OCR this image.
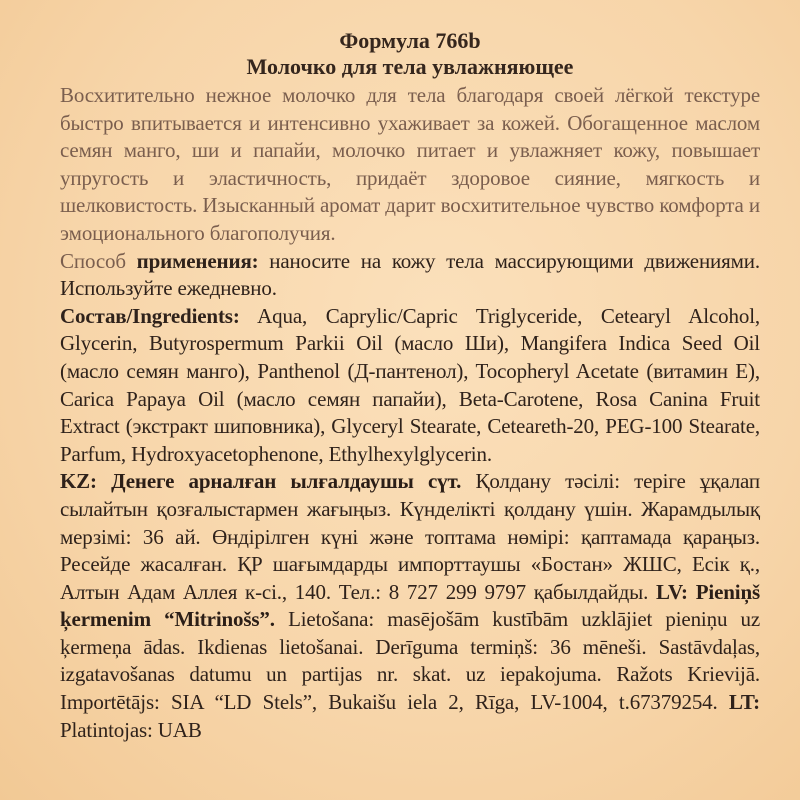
Формула 766b

Молочко для тела увлажняющее

Восхитительно нежное молочко для тела благодаря своей лёгкой текстуре быстро впитывается и интенсивно ухаживает за кожей. Обогащенное маслом семян манго, ши и папайи, молочко питает и увлажняет кожу, повышает упругость и эластичность, придаёт здоровое сияние, мягкость и шелковистость. Изысканный аромат дарит восхитительное чувство комфорта и эмоционального благополучия.

Способ применения: наносите на кожу тела массирующими движениями. Используйте ежедневно.

Состав/Ingredients: Aqua, Caprylic/Capric Triglyceride, Cetearyl Alcohol, Glycerin, Butyrospermum Parkii Oil (масло Ши), Mangifera Indica Seed Oil (масло семян манго), Panthenol (Д-пантенол), Tocopheryl Acetate (витамин Е), Carica Papaya Oil (масло семян папайи), Beta-Carotene, Rosa Canina Fruit Extract (экстракт шиповника), Glyceryl Stearate, Ceteareth-20, PEG-100 Stearate, Parfum, Hydroxyacetophenone, Ethylhexylglycerin.

KZ: Денеге арналған ылғалдаушы сүт. Қолдану тәсілі: теріге ұқалап сылайтын қозғалыстармен жағыңыз. Күнделікті қолдану үшін. Жарамдылық мерзімі: 36 ай. Өндірілген күні және топтама нөмірі: қаптамада қараңыз. Ресейде жасалған. ҚР шағымдарды импорттаушы «Бостан» ЖШС, Есік қ., Алтын Адам Аллея к-сі., 140. Тел.: 8 727 299 9797 қабылдайды. LV: Pieniņš ķermenim “Mitrinošs”. Lietošana: masējošām kustībām uzklājiet pieniņu uz ķermeņa ādas. Ikdienas lietošanai. Derīguma termiņš: 36 mēneši. Sastāvdaļas, izgatavošanas datumu un partijas nr. skat. uz iepakojuma. Ražots Krievijā. Importētājs: SIA “LD Stels”, Bukaišu iela 2, Rīga, LV-1004, t.67379254. LT: Platintojas: UAB
